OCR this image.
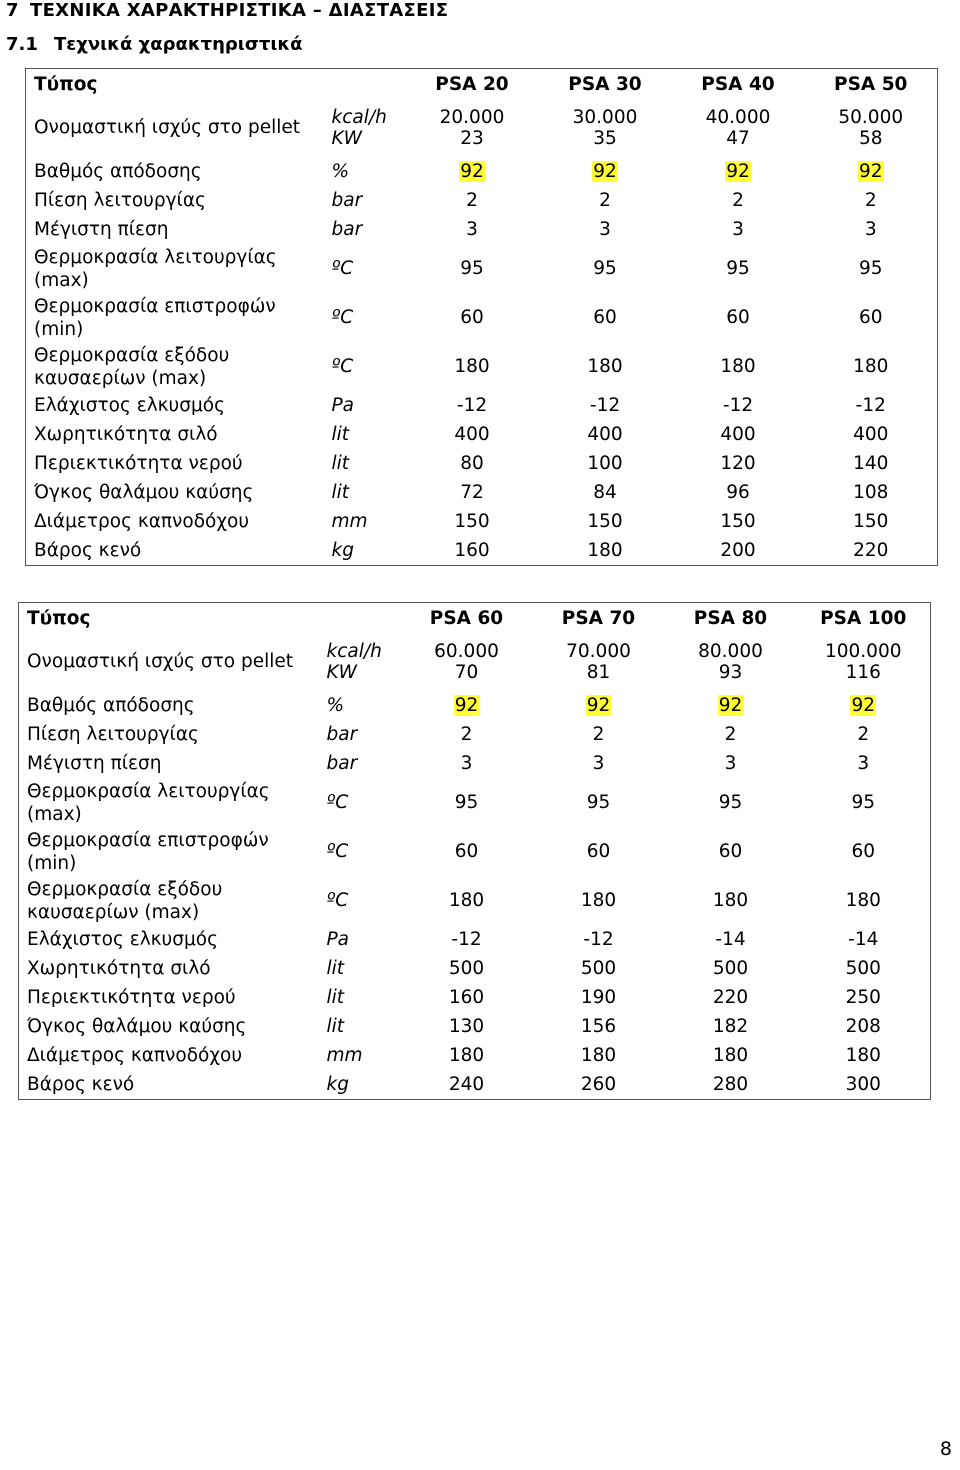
7 ΤΕΧΝΙΚΑ ΧΑΡΑΚΤΗΡΙΣΤΙΚΑ – ΔΙΑΣΤΑΣΕΙΣ
7.1 Τεχνικά χαρακτηριστικά
Τύπος		PSA 20	PSA 30	PSA 40	PSA 50
Ονομαστική ισχύς στο pellet	kcal/h	20.000	30.000	40.000	50.000
	KW	23	35	47	58
Βαθμός απόδοσης	%	92	92	92	92
Πίεση λειτουργίας	bar	2	2	2	2
Μέγιστη πίεση	bar	3	3	3	3
Θερμοκρασία λειτουργίας (max)	ºC	95	95	95	95
Θερμοκρασία επιστροφών (min)	ºC	60	60	60	60
Θερμοκρασία εξόδου καυσαερίων (max)	ºC	180	180	180	180
Ελάχιστος ελκυσμός	Pa	-12	-12	-12	-12
Χωρητικότητα σιλό	lit	400	400	400	400
Περιεκτικότητα νερού	lit	80	100	120	140
Όγκος θαλάμου καύσης	lit	72	84	96	108
Διάμετρος καπνοδόχου	mm	150	150	150	150
Βάρος κενό	kg	160	180	200	220
Τύπος		PSA 60	PSA 70	PSA 80	PSA 100
Ονομαστική ισχύς στο pellet	kcal/h	60.000	70.000	80.000	100.000
	KW	70	81	93	116
Βαθμός απόδοσης	%	92	92	92	92
Πίεση λειτουργίας	bar	2	2	2	2
Μέγιστη πίεση	bar	3	3	3	3
Θερμοκρασία λειτουργίας (max)	ºC	95	95	95	95
Θερμοκρασία επιστροφών (min)	ºC	60	60	60	60
Θερμοκρασία εξόδου καυσαερίων (max)	ºC	180	180	180	180
Ελάχιστος ελκυσμός	Pa	-12	-12	-14	-14
Χωρητικότητα σιλό	lit	500	500	500	500
Περιεκτικότητα νερού	lit	160	190	220	250
Όγκος θαλάμου καύσης	lit	130	156	182	208
Διάμετρος καπνοδόχου	mm	180	180	180	180
Βάρος κενό	kg	240	260	280	300
8
